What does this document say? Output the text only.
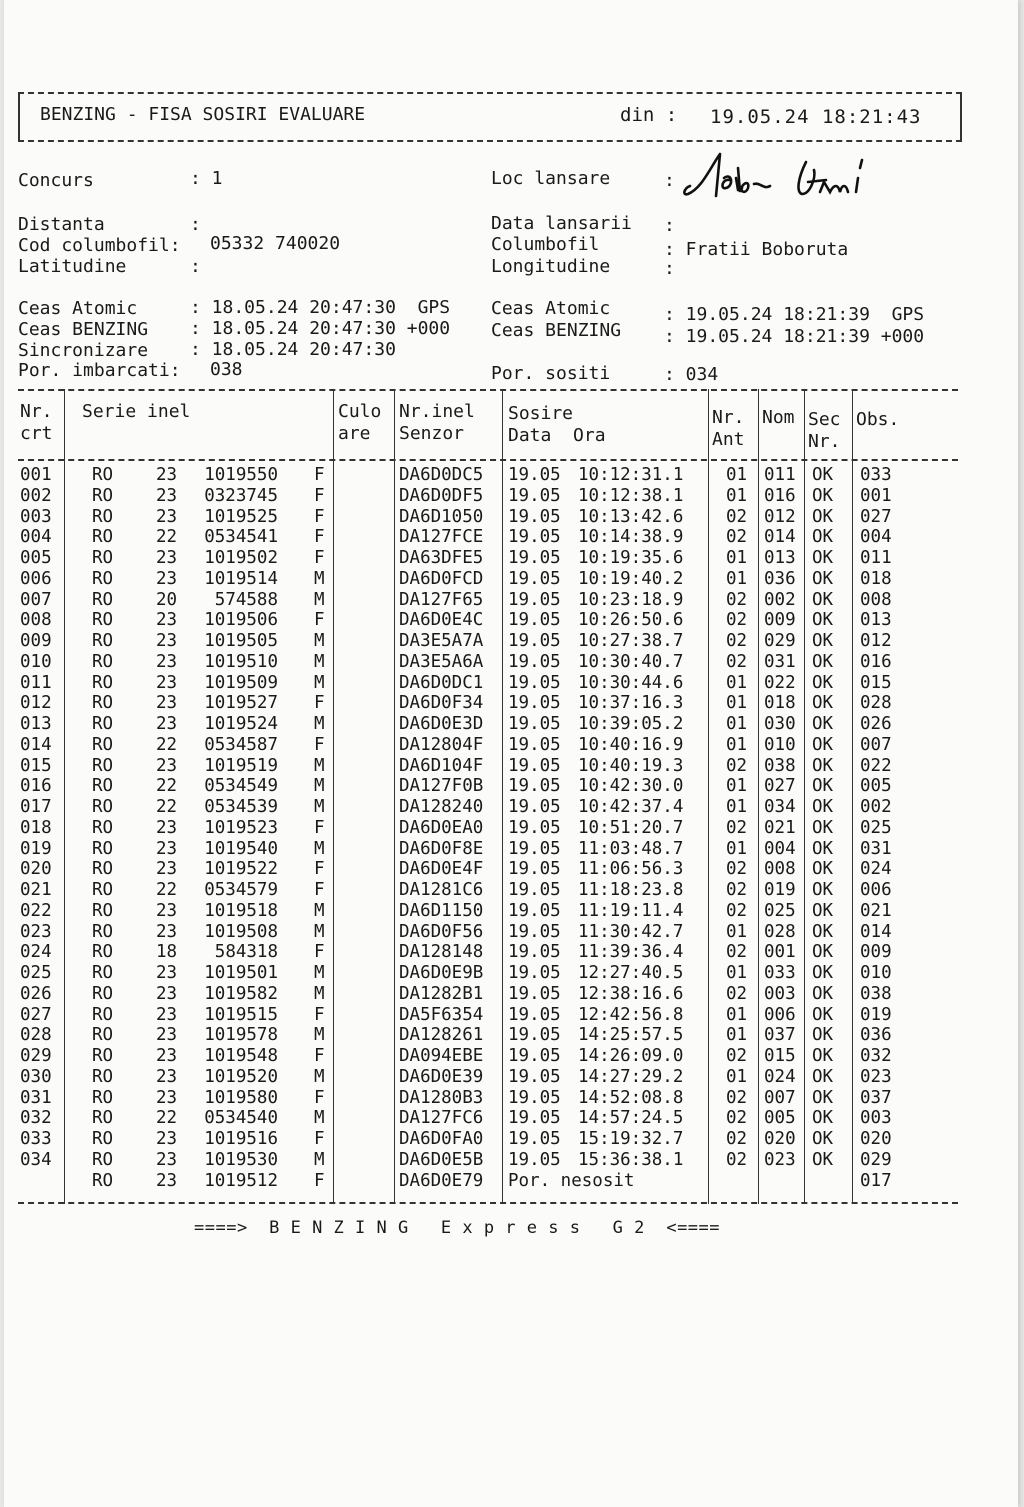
BENZING - FISA SOSIRI EVALUARE	din : 19.05.24 18:21:43
Concurs	: 1	Loc lansare	:
Distanta	:
Cod columbofil: 05332 740020
Latitudine	:
Data lansarii :
Columbofil	: Fratii Boboruta
Longitudine	:
Ceas Atomic	: 18.05.24 20:47:30  GPS
Ceas BENZING : 18.05.24 20:47:30 +000
Sincronizare : 18.05.24 20:47:30
Por. imbarcati: 038
Ceas Atomic	: 19.05.24 18:21:39  GPS
Ceas BENZING : 19.05.24 18:21:39 +000
Por. sositi	: 034
Nr.
crt
Serie inel	Culo
are
Nr.inel
Senzor
Sosire
Data  Ora
Nr.
Ant
Nom Sec
Nr.
Obs.
001 RO 23	1019550 F	DA6D0DC5 19.05 10:12:31.1 01 011 OK 033
002 RO 23	0323745 F	DA6D0DF5 19.05 10:12:38.1 01 016 OK 001
003 RO 23	1019525 F	DA6D1050 19.05 10:13:42.6 02 012 OK 027
004 RO 22	0534541 F	DA127FCE 19.05 10:14:38.9 02 014 OK 004
005 RO 23	1019502 F	DA63DFE5 19.05 10:19:35.6 01 013 OK 011
006 RO 23	1019514 M	DA6D0FCD 19.05 10:19:40.2 01 036 OK 018
007 RO 20	574588 M	DA127F65 19.05 10:23:18.9 02 002 OK 008
008 RO 23	1019506 F	DA6D0E4C 19.05 10:26:50.6 02 009 OK 013
009 RO 23	1019505 M	DA3E5A7A 19.05 10:27:38.7 02 029 OK 012
010 RO 23	1019510 M	DA3E5A6A 19.05 10:30:40.7 02 031 OK 016
011 RO 23	1019509 M	DA6D0DC1 19.05 10:30:44.6 01 022 OK 015
012 RO 23	1019527 F	DA6D0F34 19.05 10:37:16.3 01 018 OK 028
013 RO 23	1019524 M	DA6D0E3D 19.05 10:39:05.2 01 030 OK 026
014 RO 22	0534587 F	DA12804F 19.05 10:40:16.9 01 010 OK 007
015 RO 23	1019519 M	DA6D104F 19.05 10:40:19.3 02 038 OK 022
016 RO 22	0534549 M	DA127F0B 19.05 10:42:30.0 01 027 OK 005
017 RO 22	0534539 M	DA128240 19.05 10:42:37.4 01 034 OK 002
018 RO 23	1019523 F	DA6D0EA0 19.05 10:51:20.7 02 021 OK 025
019 RO 23	1019540 M	DA6D0F8E 19.05 11:03:48.7 01 004 OK 031
020 RO 23	1019522 F	DA6D0E4F 19.05 11:06:56.3 02 008 OK 024
021 RO 22	0534579 F	DA1281C6 19.05 11:18:23.8 02 019 OK 006
022 RO 23	1019518 M	DA6D1150 19.05 11:19:11.4 02 025 OK 021
023 RO 23	1019508 M	DA6D0F56 19.05 11:30:42.7 01 028 OK 014
024 RO 18	584318 F	DA128148 19.05 11:39:36.4 02 001 OK 009
025 RO 23	1019501 M	DA6D0E9B 19.05 12:27:40.5 01 033 OK 010
026 RO 23	1019582 M	DA1282B1 19.05 12:38:16.6 02 003 OK 038
027 RO 23	1019515 F	DA5F6354 19.05 12:42:56.8 01 006 OK 019
028 RO 23	1019578 M	DA128261 19.05 14:25:57.5 01 037 OK 036
029 RO 23	1019548 F	DA094EBE 19.05 14:26:09.0 02 015 OK 032
030 RO 23	1019520 M	DA6D0E39 19.05 14:27:29.2 01 024 OK 023
031 RO 23	1019580 F	DA1280B3 19.05 14:52:08.8 02 007 OK 037
032 RO 22	0534540 M	DA127FC6 19.05 14:57:24.5 02 005 OK 003
033 RO 23	1019516 F	DA6D0FA0 19.05 15:19:32.7 02 020 OK 020
034 RO 23	1019530 M	DA6D0E5B 19.05 15:36:38.1 02 023 OK 029
RO 23	1019512 F	DA6D0E79 Por. nesosit	017
====>  B E N Z I N G   E x p r e s s   G 2  <====
